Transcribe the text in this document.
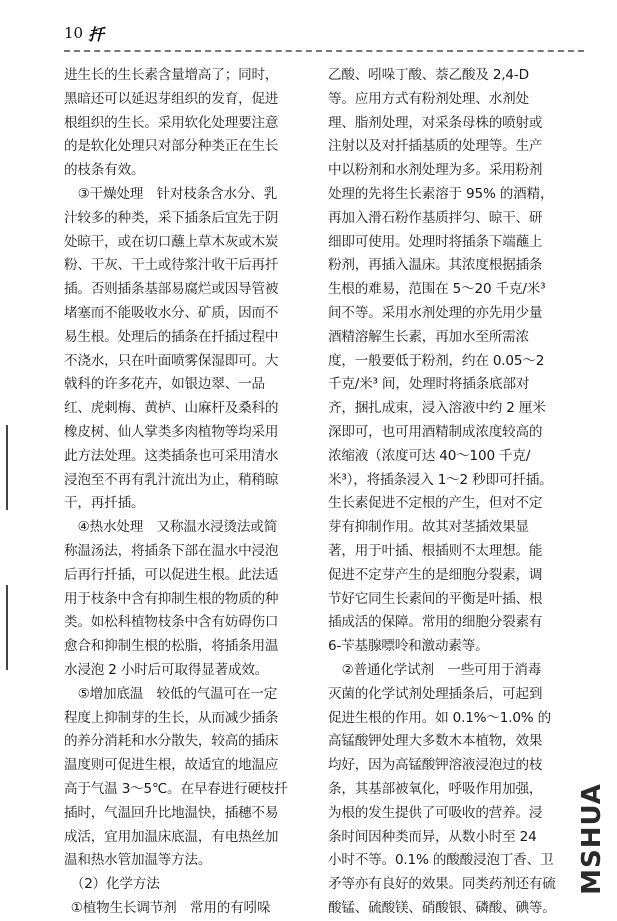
10 扦

进生长的生长素含量增高了；同时，

黑暗还可以延迟芽组织的发育，促进

根组织的生长。采用软化处理要注意

的是软化处理只对部分种类正在生长

的枝条有效。

③干燥处理　针对枝条含水分、乳

汁较多的种类，采下插条后宜先于阴

处晾干，或在切口蘸上草木灰或木炭

粉、干灰、干土或待浆汁收干后再扦

插。否则插条基部易腐烂或因导管被

堵塞而不能吸收水分、矿质，因而不

易生根。处理后的插条在扦插过程中

不浇水，只在叶面喷雾保湿即可。大

戟科的许多花卉，如银边翠、一品

红、虎刺梅、黄栌、山麻杆及桑科的

橡皮树、仙人掌类多肉植物等均采用

此方法处理。这类插条也可采用清水

浸泡至不再有乳汁流出为止，稍稍晾

干，再扦插。

④热水处理　又称温水浸烫法或简

称温汤法，将插条下部在温水中浸泡

后再行扦插，可以促进生根。此法适

用于枝条中含有抑制生根的物质的种

类。如松科植物枝条中含有妨碍伤口

愈合和抑制生根的松脂，将插条用温

水浸泡 2 小时后可取得显著成效。

⑤增加底温　较低的气温可在一定

程度上抑制芽的生长，从而减少插条

的养分消耗和水分散失，较高的插床

温度则可促进生根，故适宜的地温应

高于气温 3～5℃。在早春进行硬枝扦

插时，气温回升比地温快，插穗不易

成活，宜用加温床底温，有电热丝加

温和热水管加温等方法。

（2）化学方法

①植物生长调节剂　常用的有吲哚

乙酸、吲哚丁酸、萘乙酸及 2,4-D

等。应用方式有粉剂处理、水剂处

理、脂剂处理，对采条母株的喷射或

注射以及对扦插基质的处理等。生产

中以粉剂和水剂处理为多。采用粉剂

处理的先将生长素溶于 95% 的酒精，

再加入滑石粉作基质拌匀、晾干、研

细即可使用。处理时将插条下端蘸上

粉剂，再插入温床。其浓度根据插条

生根的难易，范围在 5～20 千克/米³

间不等。采用水剂处理的亦先用少量

酒精溶解生长素，再加水至所需浓

度，一般要低于粉剂，约在 0.05～2

千克/米³ 间，处理时将插条底部对

齐，捆扎成束，浸入溶液中约 2 厘米

深即可，也可用酒精制成浓度较高的

浓缩液（浓度可达 40～100 千克/

米³），将插条浸入 1～2 秒即可扦插。

生长素促进不定根的产生，但对不定

芽有抑制作用。故其对茎插效果显

著，用于叶插、根插则不太理想。能

促进不定芽产生的是细胞分裂素，调

节好它同生长素间的平衡是叶插、根

插成活的保障。常用的细胞分裂素有

6-苄基腺嘌呤和激动素等。

②普通化学试剂　一些可用于消毒

灭菌的化学试剂处理插条后，可起到

促进生根的作用。如 0.1%～1.0% 的

高锰酸钾处理大多数木本植物，效果

均好，因为高锰酸钾溶液浸泡过的枝

条，其基部被氧化，呼吸作用加强，

为根的发生提供了可吸收的营养。浸

条时间因种类而异，从数小时至 24

小时不等。0.1% 的酸酸浸泡丁香、卫

矛等亦有良好的效果。同类药剂还有硫

酸锰、硫酸镁、硝酸银、磷酸、碘等。

MSHUA
